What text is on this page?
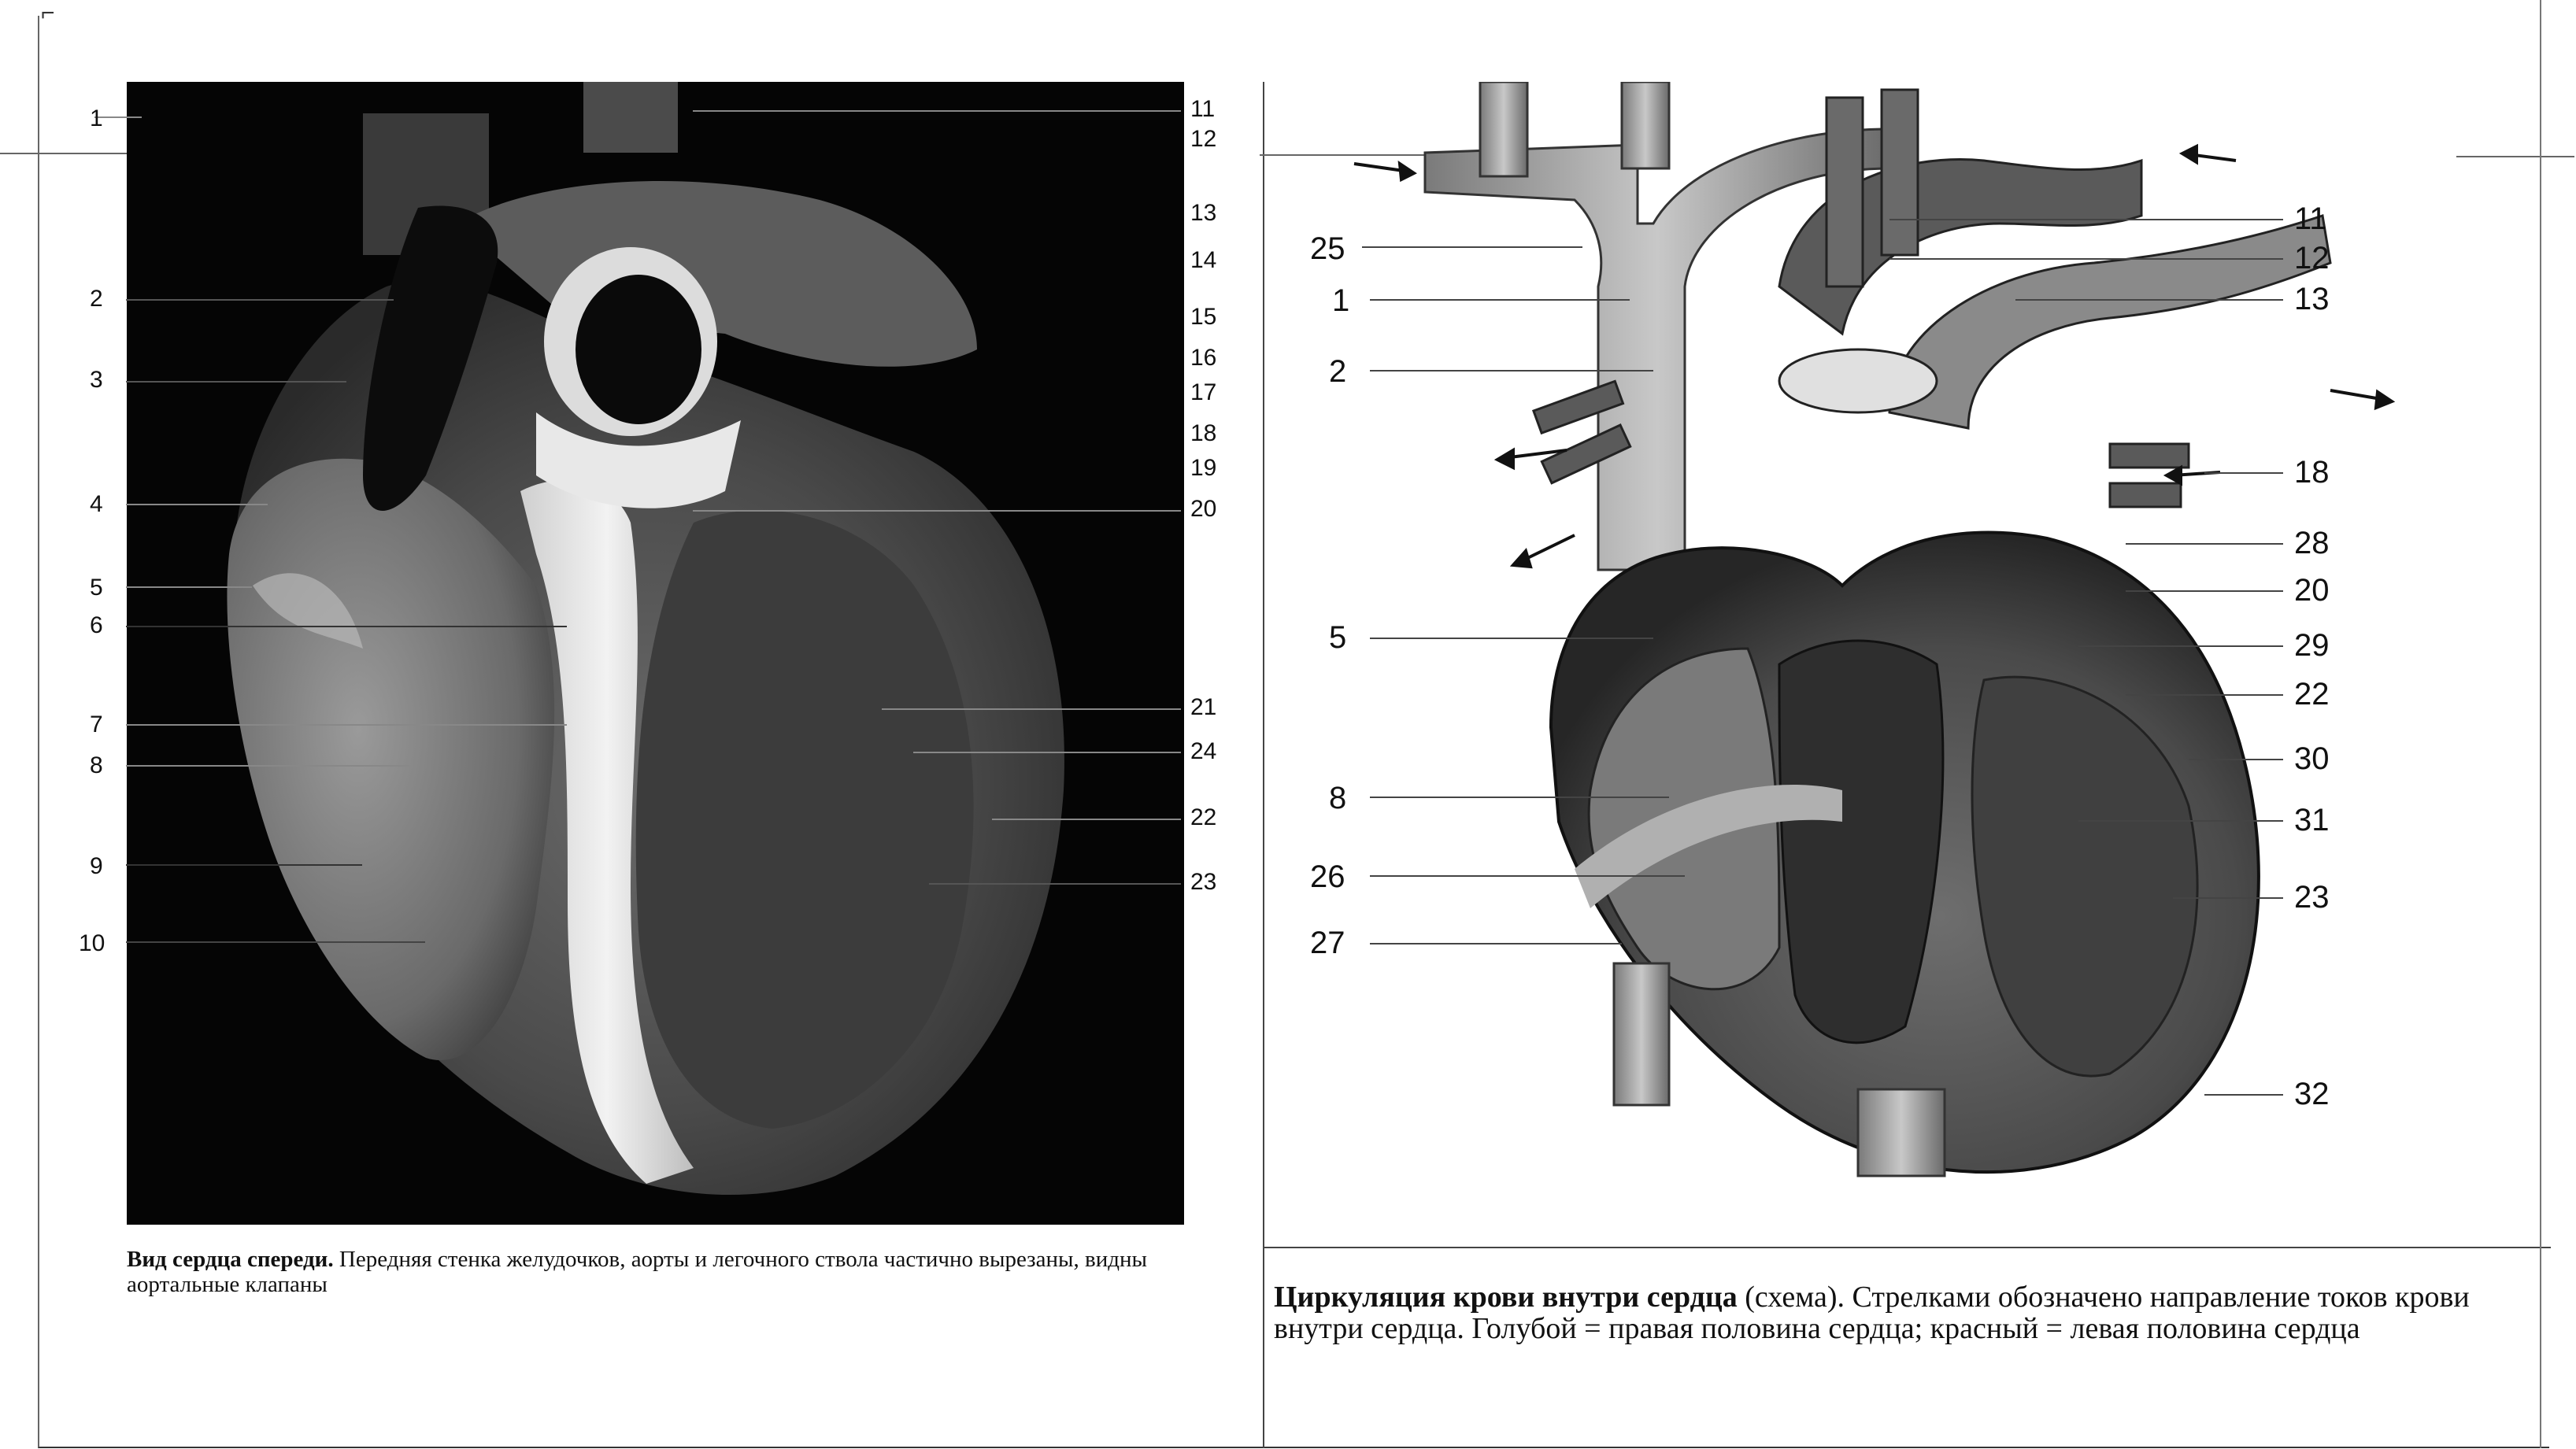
⌐
1
2
3
4
5
6
7
8
9
10
11
12
13
14
15
16
17
18
19
20
21
24
22
23
Вид сердца спереди. Передняя стенка желудочков, аорты и легочного ствола частично вырезаны, видны аортальные клапаны
25
1
2
5
8
26
27
11
12
13
18
28
20
29
22
30
31
23
32
Циркуляция крови внутри сердца (схема). Стрелками обозначено направление токов крови внутри сердца. Голубой = правая половина сердца; красный = левая половина сердца
